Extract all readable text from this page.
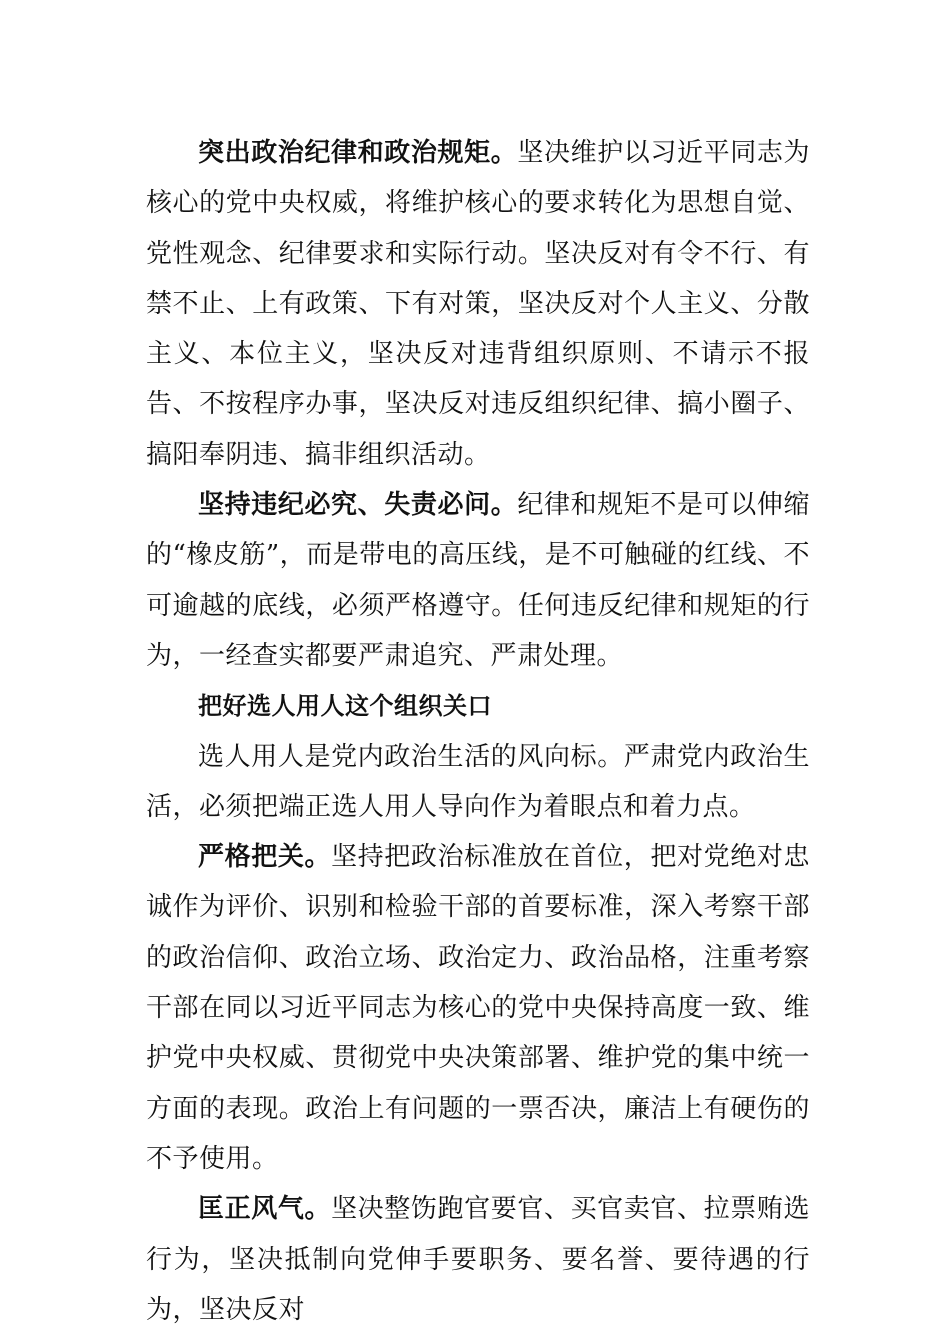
突出政治纪律和政治规矩。坚决维护以习近平同志为核心的党中央权威，将维护核心的要求转化为思想自觉、党性观念、纪律要求和实际行动。坚决反对有令不行、有禁不止、上有政策、下有对策，坚决反对个人主义、分散主义、本位主义，坚决反对违背组织原则、不请示不报告、不按程序办事，坚决反对违反组织纪律、搞小圈子、搞阳奉阴违、搞非组织活动。

坚持违纪必究、失责必问。纪律和规矩不是可以伸缩的“橡皮筋”，而是带电的高压线，是不可触碰的红线、不可逾越的底线，必须严格遵守。任何违反纪律和规矩的行为，一经查实都要严肃追究、严肃处理。

把好选人用人这个组织关口

选人用人是党内政治生活的风向标。严肃党内政治生活，必须把端正选人用人导向作为着眼点和着力点。

严格把关。坚持把政治标准放在首位，把对党绝对忠诚作为评价、识别和检验干部的首要标准，深入考察干部的政治信仰、政治立场、政治定力、政治品格，注重考察干部在同以习近平同志为核心的党中央保持高度一致、维护党中央权威、贯彻党中央决策部署、维护党的集中统一方面的表现。政治上有问题的一票否决，廉洁上有硬伤的不予使用。

匡正风气。坚决整饬跑官要官、买官卖官、拉票贿选行为，坚决抵制向党伸手要职务、要名誉、要待遇的行为，坚决反对
